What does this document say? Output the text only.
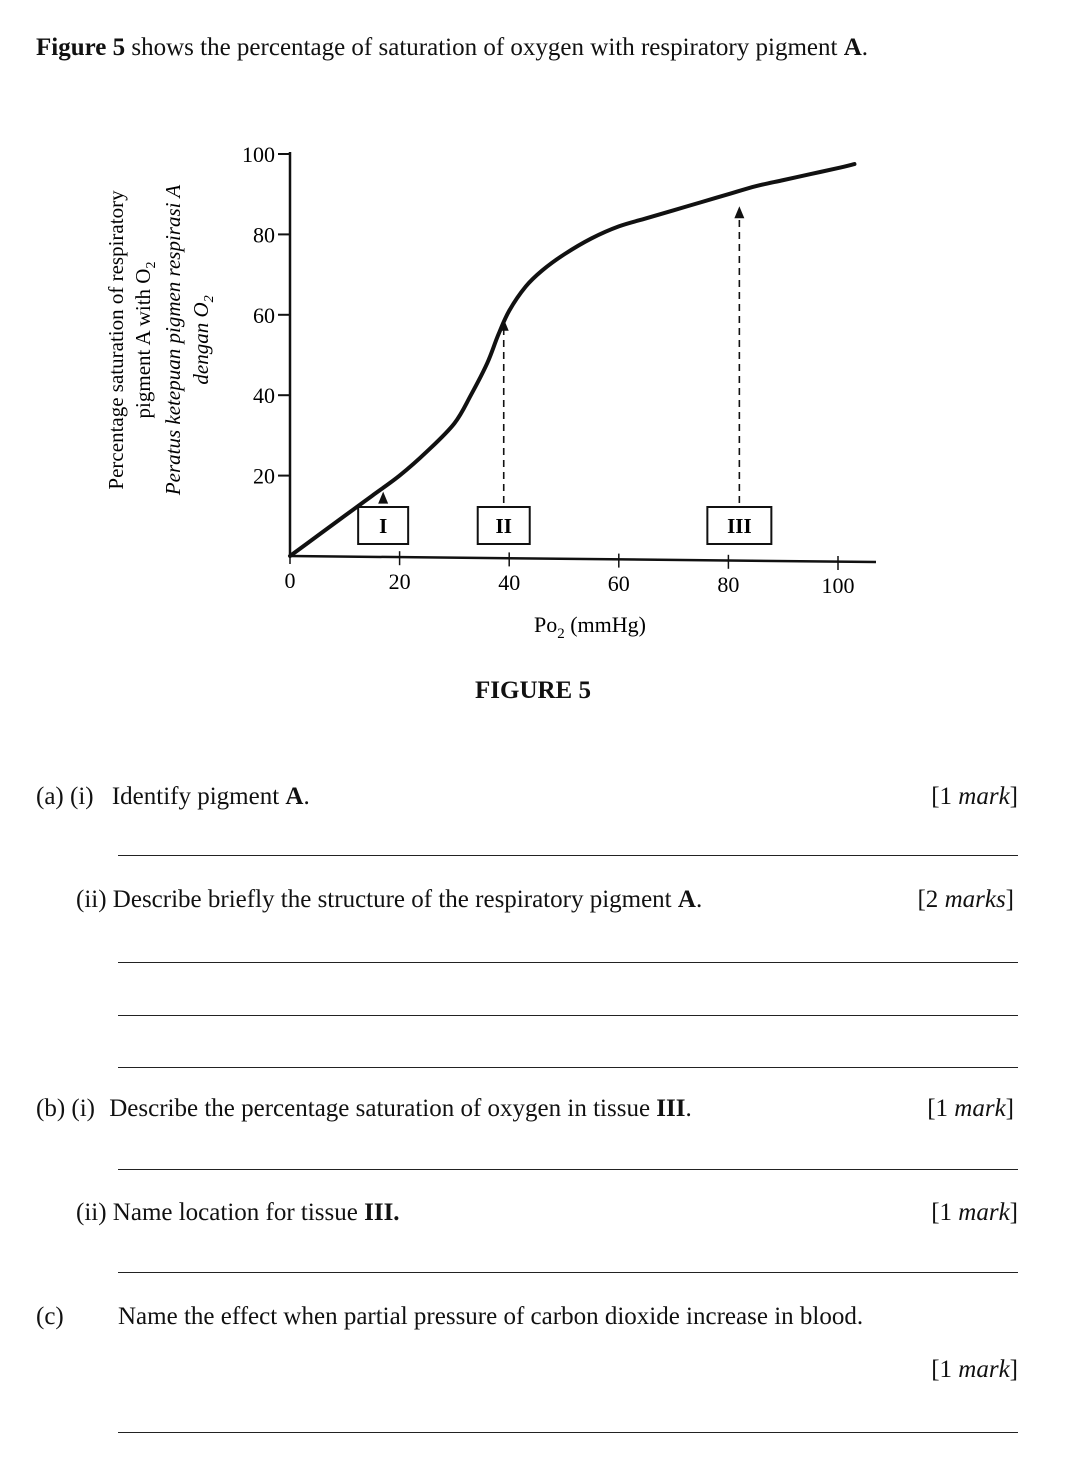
Figure 5 shows the percentage of saturation of oxygen with respiratory pigment A.
Percentage saturation of respiratory pigment A with $O_2$ Peratus ketepuan pigmen respirasi A dengan $O_2$
20
40
60
80
100
0	20	40	60	80	100
I	II	III
$Po_2$ (mmHg)
FIGURE 5
(a) (i) Identify pigment A.	[1 mark]
(ii) Describe briefly the structure of the respiratory pigment A.	[2 marks]
(b) (i) Describe the percentage saturation of oxygen in tissue III.	[1 mark]
(ii) Name location for tissue III.	[1 mark]
(c) Name the effect when partial pressure of carbon dioxide increase in blood.
[1 mark]
